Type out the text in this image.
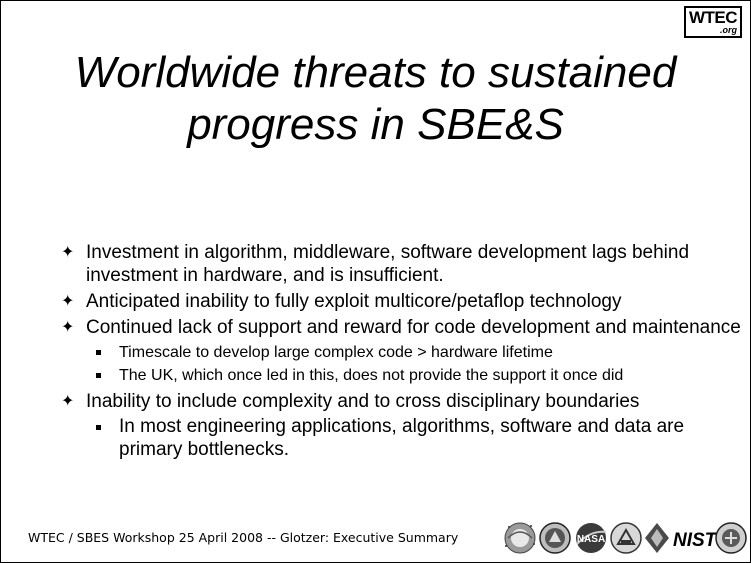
WTEC
.org
Worldwide threats to sustained
progress in SBE&S
✦ Investment in algorithm, middleware, software development lags behind investment in hardware, and is insufficient.
✦ Anticipated inability to fully exploit multicore/petaflop technology
✦ Continued lack of support and reward for code development and maintenance
Timescale to develop large complex code > hardware lifetime
The UK, which once led in this, does not provide the support it once did
✦ Inability to include complexity and to cross disciplinary boundaries
In most engineering applications, algorithms, software and data are primary bottlenecks.
WTEC / SBES Workshop 25 April 2008 -- Glotzer: Executive Summary	NASA	NIST
